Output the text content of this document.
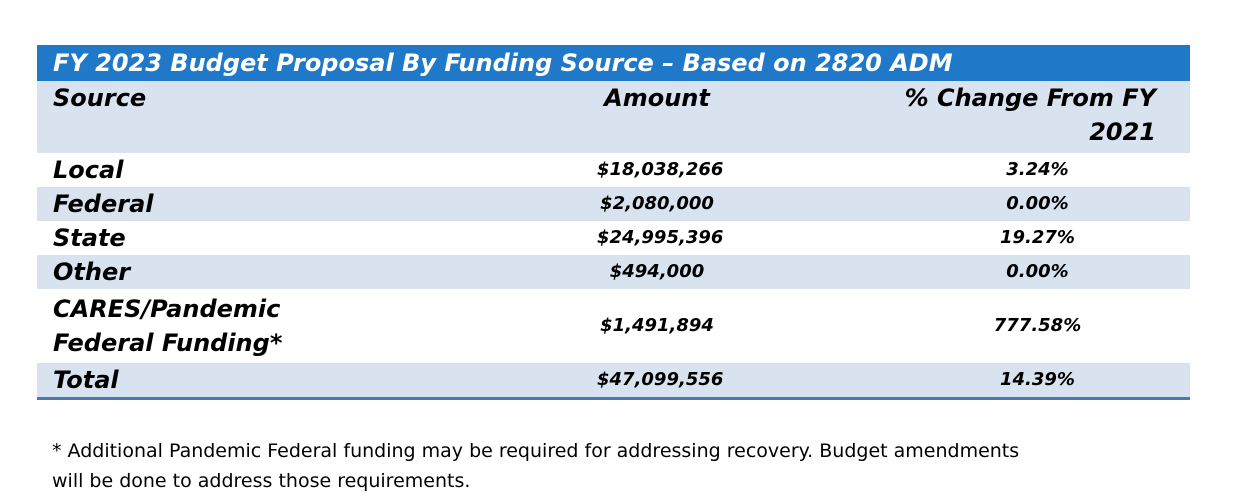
FY 2023 Budget Proposal By Funding Source – Based on 2820 ADM
Source	Amount	% Change From FY
2021

Local	$18,038,266	3.24%
Federal	$2,080,000	0.00%
State	$24,995,396	19.27%
Other	$494,000	0.00%

CARES/Pandemic
Federal Funding*	$1,491,894	777.58%
Total	$47,099,556	14.39%
* Additional Pandemic Federal funding may be required for addressing recovery. Budget amendments
will be done to address those requirements.
